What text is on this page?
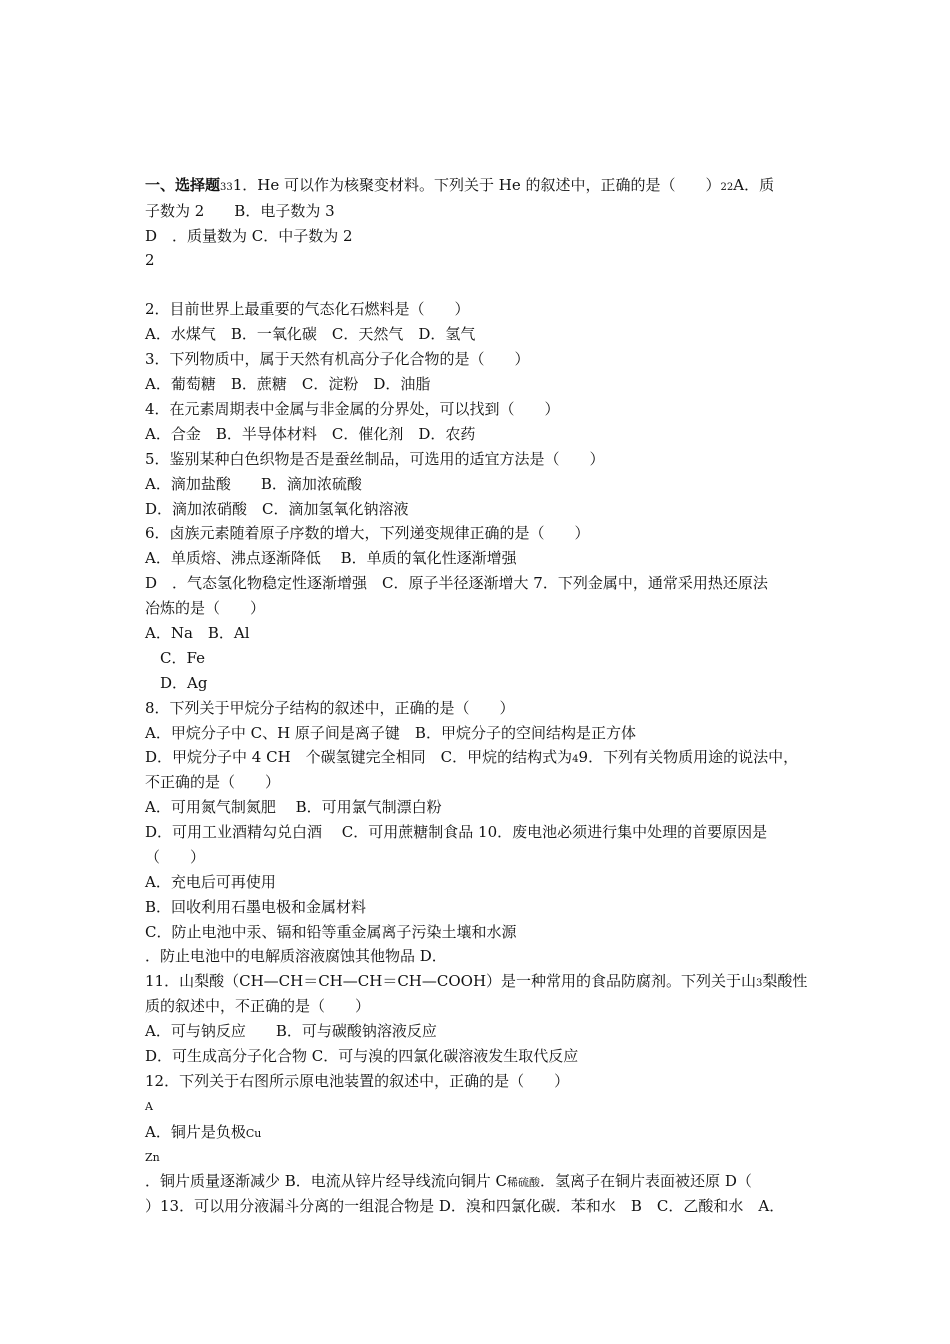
一、选择题331．He 可以作为核聚变材料。下列关于 He 的叙述中，正确的是（　　）22A．质
子数为 2　　B．电子数为 3
D　．质量数为 C．中子数为 2
2
2．目前世界上最重要的气态化石燃料是（　　）
A．水煤气　B．一氧化碳　C．天然气　D．氢气
3．下列物质中，属于天然有机高分子化合物的是（　　）
A．葡萄糖　B．蔗糖　C．淀粉　D．油脂
4．在元素周期表中金属与非金属的分界处，可以找到（　　）
A．合金　B．半导体材料　C．催化剂　D．农药
5．鉴别某种白色织物是否是蚕丝制品，可选用的适宜方法是（　　）
A．滴加盐酸　　B．滴加浓硫酸
D．滴加浓硝酸　C．滴加氢氧化钠溶液
6．卤族元素随着原子序数的增大，下列递变规律正确的是（　　）
A．单质熔、沸点逐渐降低　 B．单质的氧化性逐渐增强
D　．气态氢化物稳定性逐渐增强　C．原子半径逐渐增大 7．下列金属中，通常采用热还原法
冶炼的是（　　）
A．Na　B．Al
　C．Fe
　D．Ag
8．下列关于甲烷分子结构的叙述中，正确的是（　　）
A．甲烷分子中 C、H 原子间是离子键　B．甲烷分子的空间结构是正方体
D．甲烷分子中 4 CH　个碳氢键完全相同　C．甲烷的结构式为49．下列有关物质用途的说法中，
不正确的是（　　）
A．可用氮气制氮肥　 B．可用氯气制漂白粉
D．可用工业酒精勾兑白酒　 C．可用蔗糖制食品 10．废电池必须进行集中处理的首要原因是
（　　）
A．充电后可再使用
B．回收利用石墨电极和金属材料
C．防止电池中汞、镉和铅等重金属离子污染土壤和水源
．防止电池中的电解质溶液腐蚀其他物品 D．
11．山梨酸（CH—CH＝CH—CH＝CH—COOH）是一种常用的食品防腐剂。下列关于山3梨酸性
质的叙述中，不正确的是（　　）
A．可与钠反应　　B．可与碳酸钠溶液反应
D．可生成高分子化合物 C．可与溴的四氯化碳溶液发生取代反应
12．下列关于右图所示原电池装置的叙述中，正确的是（　　）
A
A．铜片是负极Cu
Zn
．铜片质量逐渐减少 B．电流从锌片经导线流向铜片 C稀硫酸．氢离子在铜片表面被还原 D（
）13．可以用分液漏斗分离的一组混合物是 D．溴和四氯化碳．苯和水　B　C．乙酸和水　A．
